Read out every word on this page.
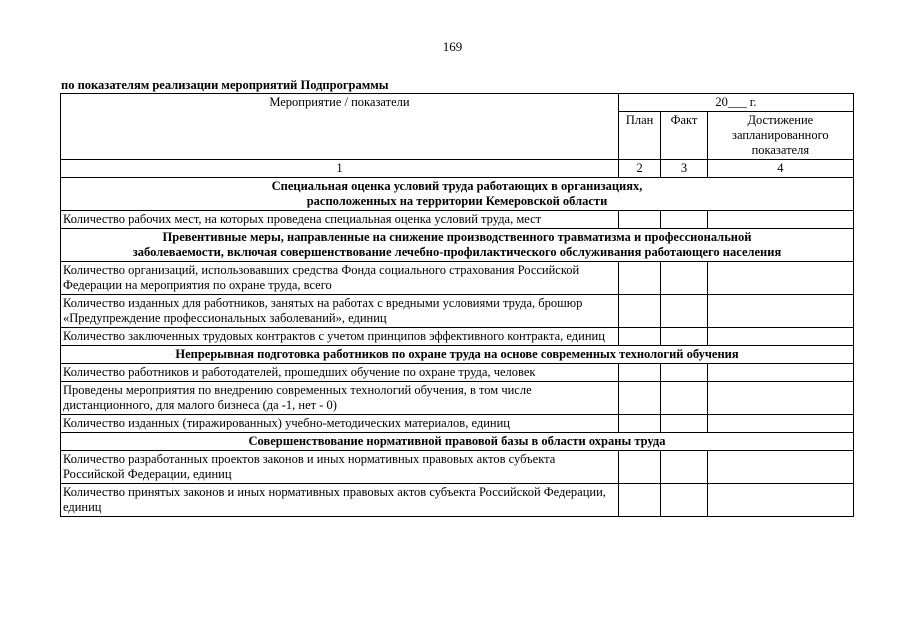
169
по показателям реализации мероприятий Подпрограммы
Мероприятие / показатели	20___ г.		
	План	Факт	Достижение запланированного показателя
1	2	3	4

Специальная оценка условий труда работающих в организациях,
расположенных на территории Кемеровской области			

Количество рабочих мест, на которых проведена специальная оценка условий труда, мест			

Превентивные меры, направленные на снижение производственного травматизма и профессиональной
заболеваемости, включая совершенствование лечебно-профилактического обслуживания работающего населения			

Количество организаций, использовавших средства Фонда социального страхования Российской Федерации на мероприятия по охране труда, всего			
Количество изданных для работников, занятых на работах с вредными условиями труда, брошюр «Предупреждение профессиональных заболеваний», единиц			
Количество заключенных трудовых контрактов с учетом принципов эффективного контракта, единиц			

Непрерывная подготовка работников по охране труда на основе современных технологий обучения			

Количество работников и работодателей, прошедших обучение по охране труда, человек			
Проведены мероприятия по внедрению современных технологий обучения, в том числе дистанционного, для малого бизнеса (да -1, нет - 0)			
Количество изданных (тиражированных) учебно-методических материалов, единиц			

Совершенствование нормативной правовой базы в области охраны труда			

Количество разработанных проектов законов и иных нормативных правовых актов субъекта Российской Федерации, единиц			
Количество принятых законов и иных нормативных правовых актов субъекта Российской Федерации, единиц			
